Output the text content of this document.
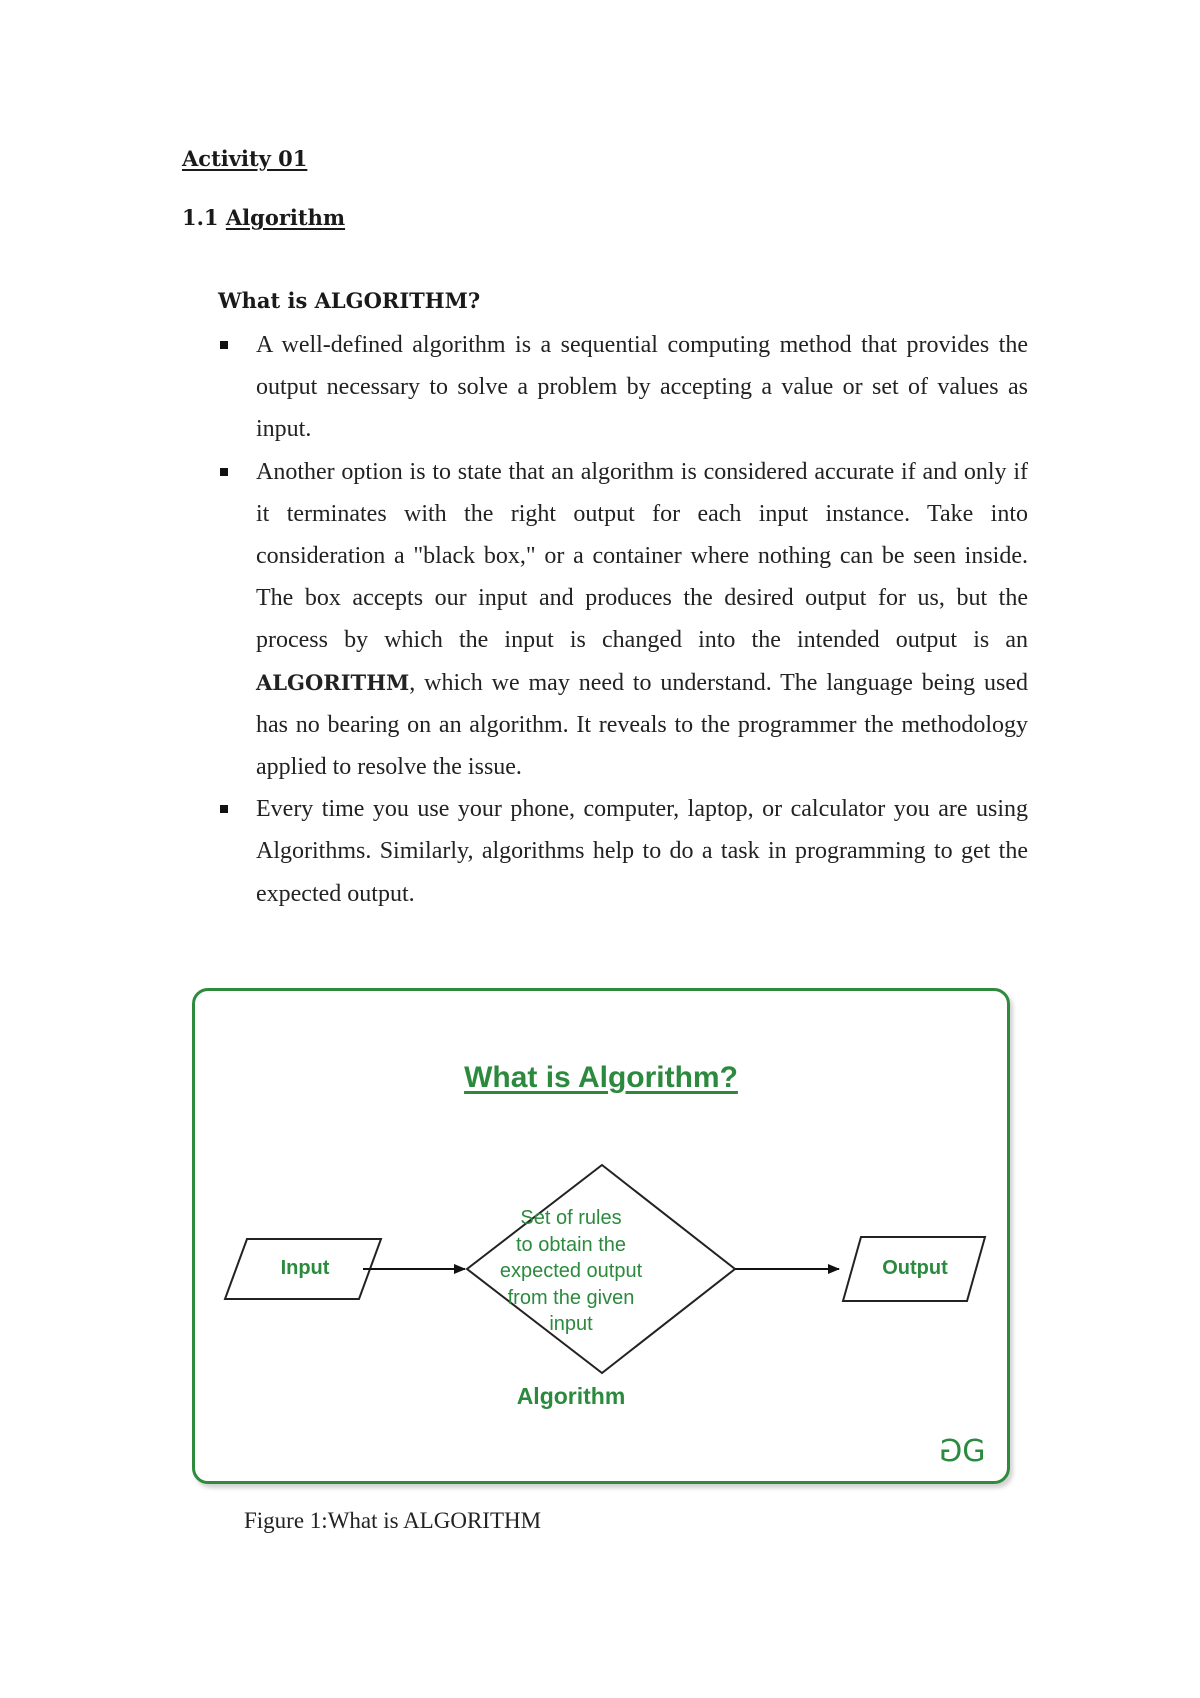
Activity 01
1.1 Algorithm
What is ALGORITHM?
A well-defined algorithm is a sequential computing method that provides the output necessary to solve a problem by accepting a value or set of values as input.
Another option is to state that an algorithm is considered accurate if and only if it terminates with the right output for each input instance. Take into consideration a "black box," or a container where nothing can be seen inside. The box accepts our input and produces the desired output for us, but the process by which the input is changed into the intended output is an ALGORITHM, which we may need to understand. The language being used has no bearing on an algorithm. It reveals to the programmer the methodology applied to resolve the issue.
Every time you use your phone, computer, laptop, or calculator you are using Algorithms. Similarly, algorithms help to do a task in programming to get the expected output.
What is Algorithm?
Input	Output
Set of rules
to obtain the
expected output
from the given
input
Algorithm
GG
Figure 1:What is ALGORITHM
